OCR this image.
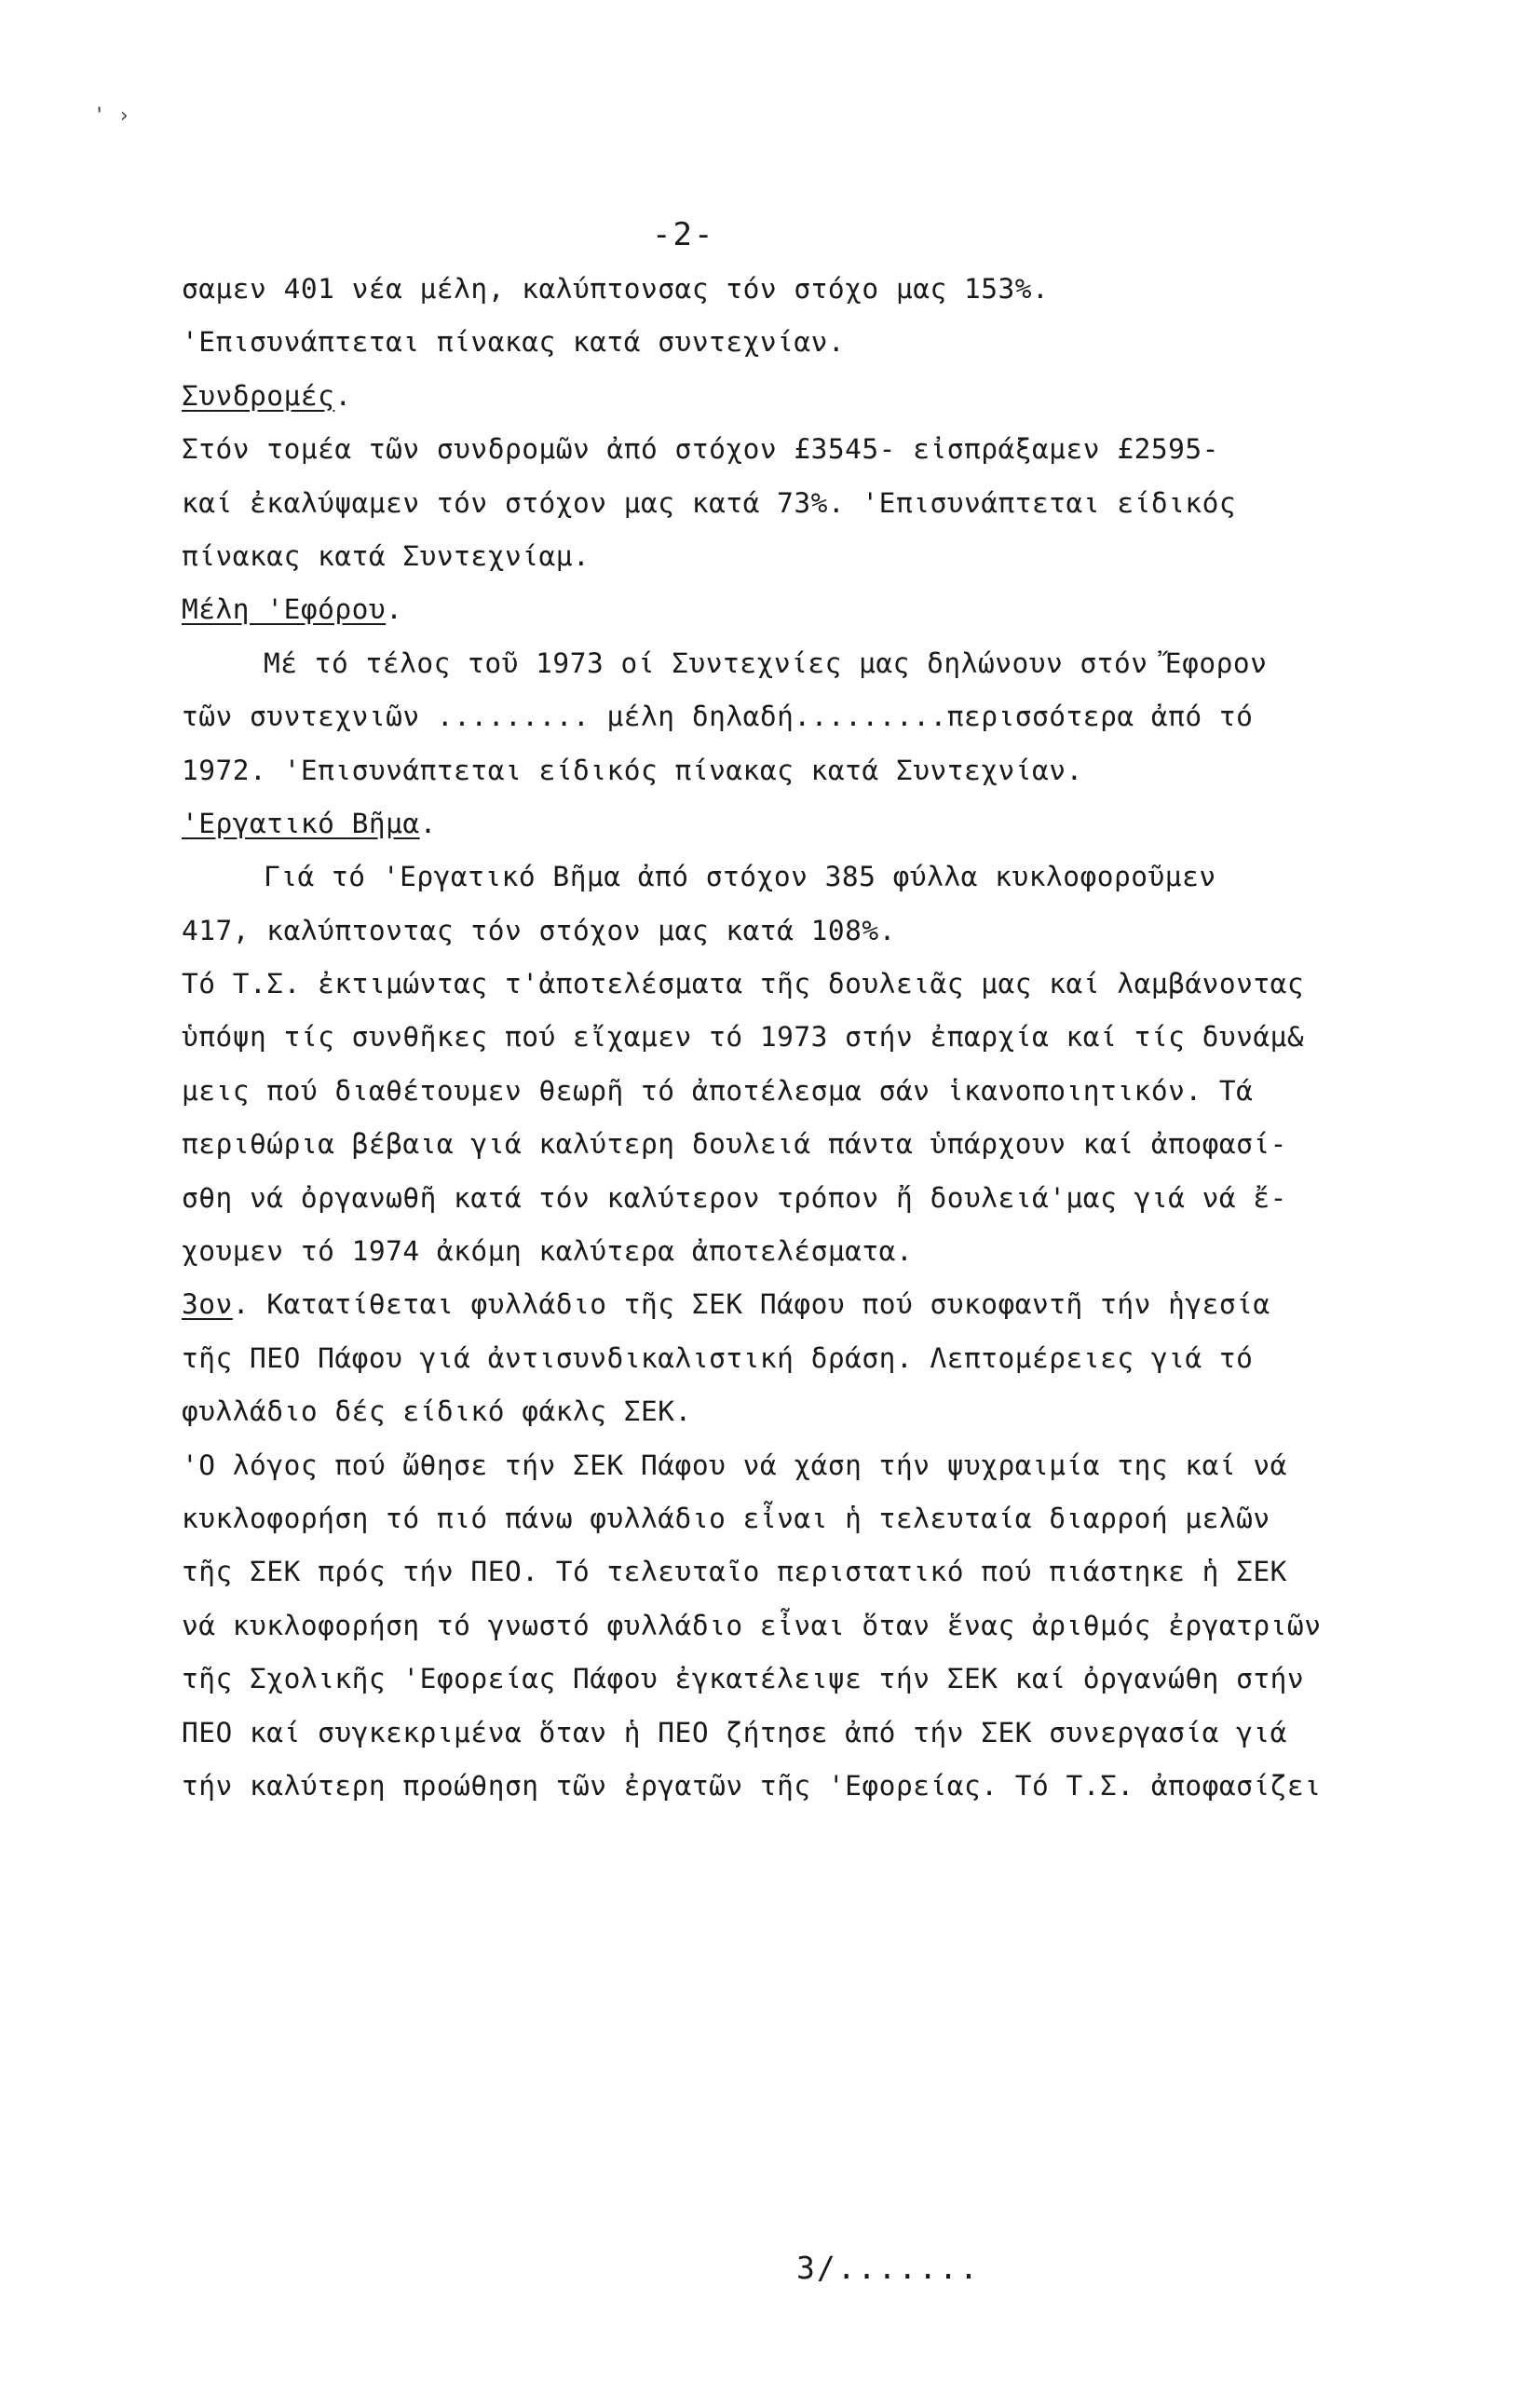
' ›
-2-
σαμεν 401 νέα μέλη, καλύπτονσας τόν στόχο μας 153%.
'Επισυνάπτεται πίνακας κατά συντεχνίαν.
Συνδρομές.
Στόν τομέα τῶν συνδρομῶν ἀπό στόχον £3545- εἰσπράξαμεν £2595-
καί ἐκαλύψαμεν τόν στόχον μας κατά 73%. 'Επισυνάπτεται είδικός
πίνακας κατά Συντεχνίαμ.
Μέλη 'Εφόρου.
Μέ τό τέλος τοῦ 1973 οί Συντεχνίες μας δηλώνουν στόν Ἔφορον
τῶν συντεχνιῶν ......... μέλη δηλαδή.........περισσότερα ἀπό τό
1972. 'Επισυνάπτεται είδικός πίνακας κατά Συντεχνίαν.
'Εργατικό Βῆμα.
Γιά τό 'Εργατικό Βῆμα ἀπό στόχον 385 φύλλα κυκλοφοροῦμεν
417, καλύπτοντας τόν στόχον μας κατά 108%.
Τό Τ.Σ. ἐκτιμώντας τ'ἀποτελέσματα τῆς δουλειᾶς μας καί λαμβάνοντας
ὑπόψη τίς συνθῆκες πού εἴχαμεν τό 1973 στήν ἐπαρχία καί τίς δυνάμ&
μεις πού διαθέτουμεν θεωρῆ τό ἀποτέλεσμα σάν ἱκανοποιητικόν. Τά
περιθώρια βέβαια γιά καλύτερη δουλειά πάντα ὑπάρχουν καί ἀποφασί-
σθη νά ὀργανωθῆ κατά τόν καλύτερον τρόπον ἤ δουλειά'μας γιά νά ἔ-
χουμεν τό 1974 ἀκόμη καλύτερα ἀποτελέσματα.
3ον. Κατατίθεται φυλλάδιο τῆς ΣΕΚ Πάφου πού συκοφαντῆ τήν ἡγεσία
τῆς ΠΕΟ Πάφου γιά ἀντισυνδικαλιστική δράση. Λεπτομέρειες γιά τό
φυλλάδιο δές είδικό φάκλς ΣΕΚ.
'Ο λόγος πού ὤθησε τήν ΣΕΚ Πάφου νά χάση τήν ψυχραιμία της καί νά
κυκλοφορήση τό πιό πάνω φυλλάδιο εἶναι ἡ τελευταία διαρροή μελῶν
τῆς ΣΕΚ πρός τήν ΠΕΟ. Τό τελευταῖο περιστατικό πού πιάστηκε ἡ ΣΕΚ
νά κυκλοφορήση τό γνωστό φυλλάδιο εἶναι ὅταν ἕνας ἀριθμός ἐργατριῶν
τῆς Σχολικῆς 'Εφορείας Πάφου ἐγκατέλειψε τήν ΣΕΚ καί ὀργανώθη στήν
ΠΕΟ καί συγκεκριμένα ὅταν ἡ ΠΕΟ ζήτησε ἀπό τήν ΣΕΚ συνεργασία γιά
τήν καλύτερη προώθηση τῶν ἐργατῶν τῆς 'Εφορείας. Τό Τ.Σ. ἀποφασίζει
3/.......
